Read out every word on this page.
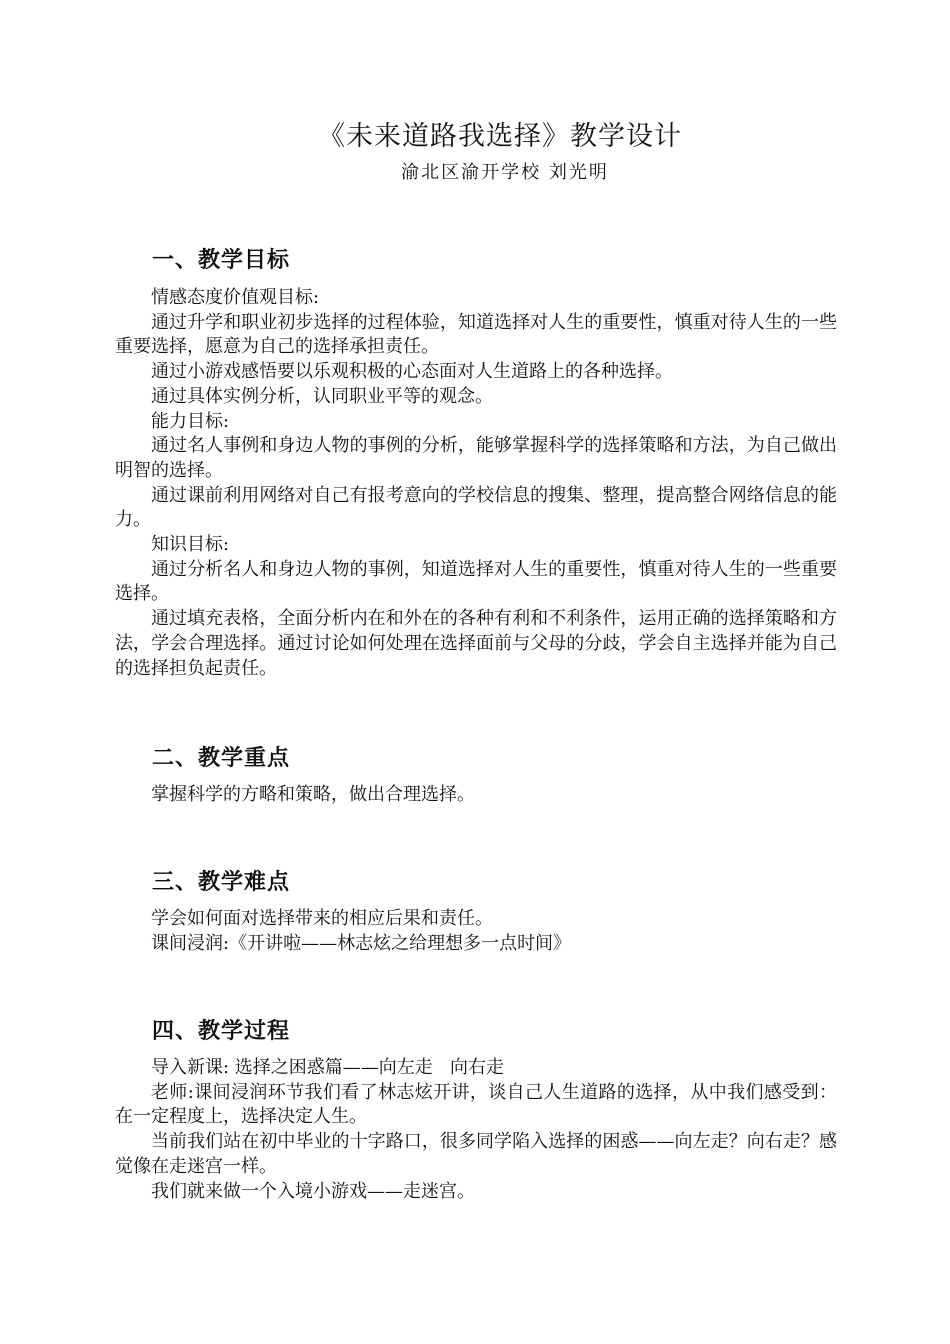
《未来道路我选择》教学设计
渝北区渝开学校 刘光明
一、教学目标

情感态度价值观目标:

通过升学和职业初步选择的过程体验，知道选择对人生的重要性，慎重对待人生的一些重要选择，愿意为自己的选择承担责任。

通过小游戏感悟要以乐观积极的心态面对人生道路上的各种选择。

通过具体实例分析，认同职业平等的观念。

能力目标:

通过名人事例和身边人物的事例的分析，能够掌握科学的选择策略和方法，为自己做出明智的选择。

通过课前利用网络对自己有报考意向的学校信息的搜集、整理，提高整合网络信息的能力。

知识目标:

通过分析名人和身边人物的事例，知道选择对人生的重要性，慎重对待人生的一些重要选择。

通过填充表格，全面分析内在和外在的各种有利和不利条件，运用正确的选择策略和方法，学会合理选择。通过讨论如何处理在选择面前与父母的分歧，学会自主选择并能为自己的选择担负起责任。

二、教学重点

掌握科学的方略和策略，做出合理选择。

三、教学难点

学会如何面对选择带来的相应后果和责任。

课间浸润:《开讲啦——林志炫之给理想多一点时间》

四、教学过程

导入新课: 选择之困惑篇——向左走   向右走

老师:课间浸润环节我们看了林志炫开讲，谈自己人生道路的选择，从中我们感受到：在一定程度上，选择决定人生。

当前我们站在初中毕业的十字路口，很多同学陷入选择的困惑——向左走？向右走？感觉像在走迷宫一样。

我们就来做一个入境小游戏——走迷宫。
